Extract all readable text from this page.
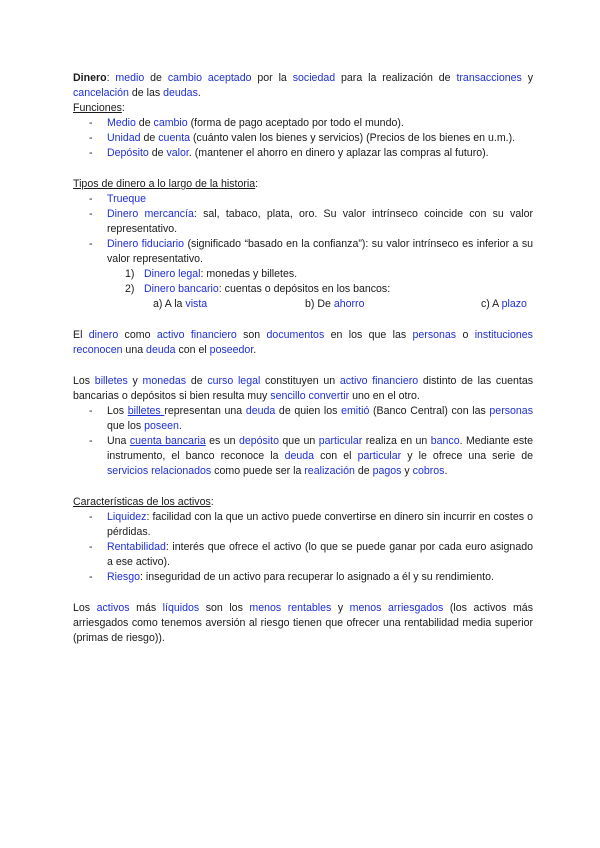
Dinero: medio de cambio aceptado por la sociedad para la realización de transacciones y cancelación de las deudas.

Funciones:

- Medio de cambio (forma de pago aceptado por todo el mundo).
- Unidad de cuenta (cuánto valen los bienes y servicios) (Precios de los bienes en u.m.).
- Depósito de valor. (mantener el ahorro en dinero y aplazar las compras al futuro).

Tipos de dinero a lo largo de la historia:

- Trueque
- Dinero mercancía: sal, tabaco, plata, oro. Su valor intrínseco coincide con su valor representativo.
- Dinero fiduciario (significado “basado en la confianza”): su valor intrínseco es inferior a su valor representativo.
1) Dinero legal: monedas y billetes.
2) Dinero bancario: cuentas o depósitos en los bancos:
a) A la vista	b) De ahorro	c) A plazo

El dinero como activo financiero son documentos en los que las personas o instituciones reconocen una deuda con el poseedor.

Los billetes y monedas de curso legal constituyen un activo financiero distinto de las cuentas bancarias o depósitos si bien resulta muy sencillo convertir uno en el otro.

- Los billetes representan una deuda de quien los emitió (Banco Central) con las personas que los poseen.
- Una cuenta bancaria es un depósito que un particular realiza en un banco. Mediante este instrumento, el banco reconoce la deuda con el particular y le ofrece una serie de servicios relacionados como puede ser la realización de pagos y cobros.

Características de los activos:

- Liquidez: facilidad con la que un activo puede convertirse en dinero sin incurrir en costes o pérdidas.
- Rentabilidad: interés que ofrece el activo (lo que se puede ganar por cada euro asignado a ese activo).
- Riesgo: inseguridad de un activo para recuperar lo asignado a él y su rendimiento.

Los activos más líquidos son los menos rentables y menos arriesgados (los activos más arriesgados como tenemos aversión al riesgo tienen que ofrecer una rentabilidad media superior (primas de riesgo)).
